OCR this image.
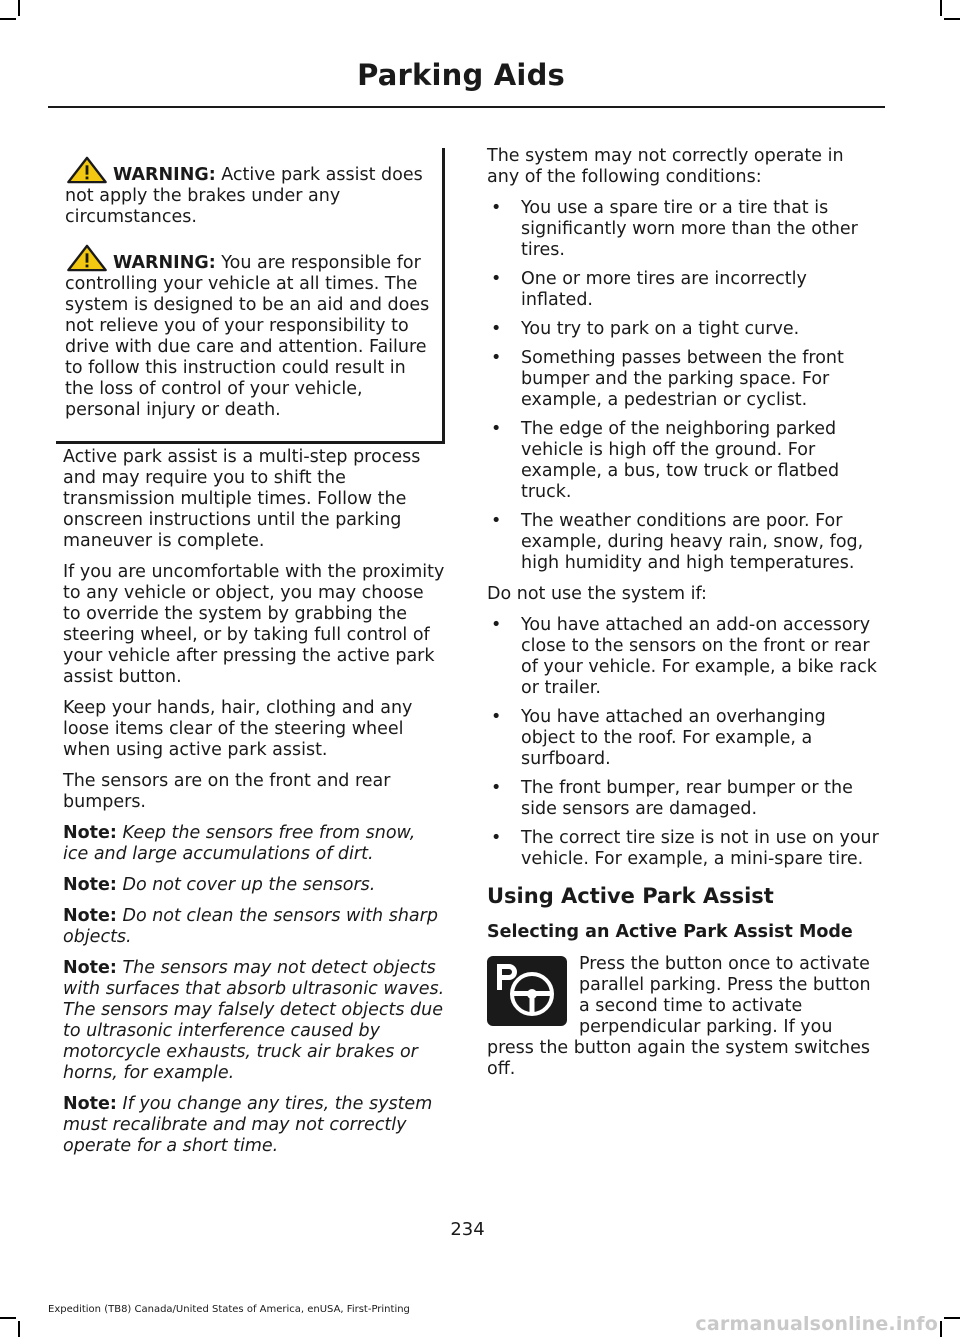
Parking Aids

WARNING: Active park assist does not apply the brakes under any circumstances.

WARNING: You are responsible for controlling your vehicle at all times. The system is designed to be an aid and does not relieve you of your responsibility to drive with due care and attention. Failure to follow this instruction could result in the loss of control of your vehicle, personal injury or death.

Active park assist is a multi-step process and may require you to shift the transmission multiple times. Follow the onscreen instructions until the parking maneuver is complete.

If you are uncomfortable with the proximity to any vehicle or object, you may choose to override the system by grabbing the steering wheel, or by taking full control of your vehicle after pressing the active park assist button.

Keep your hands, hair, clothing and any loose items clear of the steering wheel when using active park assist.

The sensors are on the front and rear bumpers.

Note: Keep the sensors free from snow, ice and large accumulations of dirt.

Note: Do not cover up the sensors.

Note: Do not clean the sensors with sharp objects.

Note: The sensors may not detect objects with surfaces that absorb ultrasonic waves. The sensors may falsely detect objects due to ultrasonic interference caused by motorcycle exhausts, truck air brakes or horns, for example.

Note: If you change any tires, the system must recalibrate and may not correctly operate for a short time.

The system may not correctly operate in any of the following conditions:

• You use a spare tire or a tire that is significantly worn more than the other tires.
• One or more tires are incorrectly inflated.
• You try to park on a tight curve.
• Something passes between the front bumper and the parking space. For example, a pedestrian or cyclist.
• The edge of the neighboring parked vehicle is high off the ground. For example, a bus, tow truck or flatbed truck.
• The weather conditions are poor. For example, during heavy rain, snow, fog, high humidity and high temperatures.

Do not use the system if:

• You have attached an add-on accessory close to the sensors on the front or rear of your vehicle. For example, a bike rack or trailer.
• You have attached an overhanging object to the roof. For example, a surfboard.
• The front bumper, rear bumper or the side sensors are damaged.
• The correct tire size is not in use on your vehicle. For example, a mini-spare tire.
Using Active Park Assist
Selecting an Active Park Assist Mode

Press the button once to activate parallel parking. Press the button a second time to activate perpendicular parking. If you press the button again the system switches off.

234
Expedition (TB8) Canada/United States of America, enUSA, First-Printing
carmanualsonline.info
